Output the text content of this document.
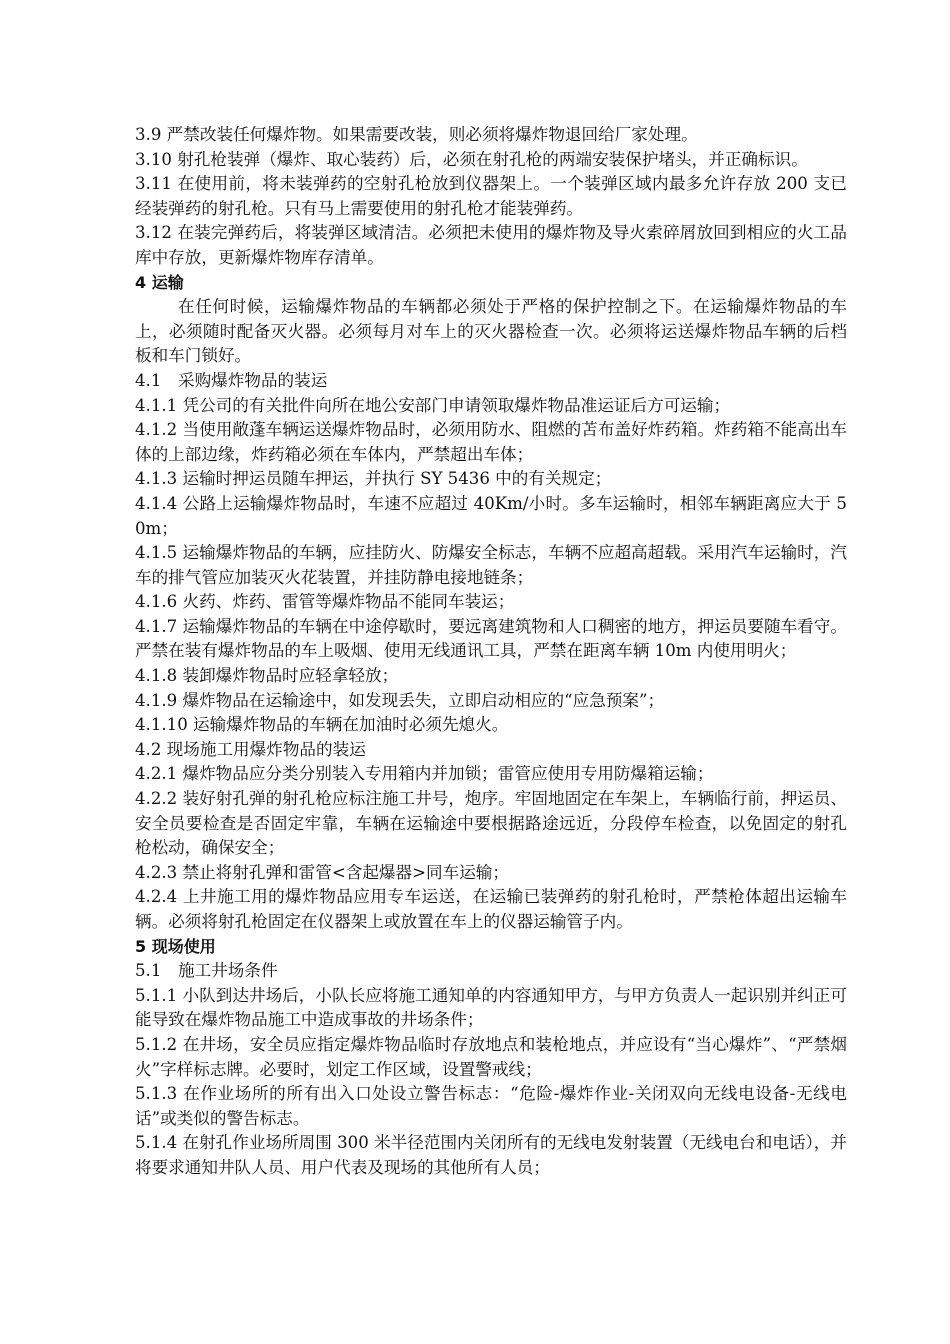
3.9 严禁改装任何爆炸物。如果需要改装，则必须将爆炸物退回给厂家处理。

3.10 射孔枪装弹（爆炸、取心装药）后，必须在射孔枪的两端安装保护堵头，并正确标识。

3.11 在使用前，将未装弹药的空射孔枪放到仪器架上。一个装弹区域内最多允许存放 200 支已经装弹药的射孔枪。只有马上需要使用的射孔枪才能装弹药。

3.12 在装完弹药后，将装弹区域清洁。必须把未使用的爆炸物及导火索碎屑放回到相应的火工品库中存放，更新爆炸物库存清单。

4 运输

在任何时候，运输爆炸物品的车辆都必须处于严格的保护控制之下。在运输爆炸物品的车上，必须随时配备灭火器。必须每月对车上的灭火器检查一次。必须将运送爆炸物品车辆的后档板和车门锁好。

4.1　采购爆炸物品的装运

4.1.1 凭公司的有关批件向所在地公安部门申请领取爆炸物品准运证后方可运输；

4.1.2 当使用敞蓬车辆运送爆炸物品时，必须用防水、阻燃的苫布盖好炸药箱。炸药箱不能高出车体的上部边缘，炸药箱必须在车体内，严禁超出车体；

4.1.3 运输时押运员随车押运，并执行 SY 5436 中的有关规定；

4.1.4 公路上运输爆炸物品时，车速不应超过 40Km/小时。多车运输时，相邻车辆距离应大于 50m；

4.1.5 运输爆炸物品的车辆，应挂防火、防爆安全标志，车辆不应超高超载。采用汽车运输时，汽车的排气管应加装灭火花装置，并挂防静电接地链条；

4.1.6 火药、炸药、雷管等爆炸物品不能同车装运；

4.1.7 运输爆炸物品的车辆在中途停歇时，要远离建筑物和人口稠密的地方，押运员要随车看守。严禁在装有爆炸物品的车上吸烟、使用无线通讯工具，严禁在距离车辆 10m 内使用明火；

4.1.8 装卸爆炸物品时应轻拿轻放；

4.1.9 爆炸物品在运输途中，如发现丢失，立即启动相应的“应急预案”；

4.1.10 运输爆炸物品的车辆在加油时必须先熄火。

4.2 现场施工用爆炸物品的装运

4.2.1 爆炸物品应分类分别装入专用箱内并加锁；雷管应使用专用防爆箱运输；

4.2.2 装好射孔弹的射孔枪应标注施工井号，炮序。牢固地固定在车架上，车辆临行前，押运员、安全员要检查是否固定牢靠，车辆在运输途中要根据路途远近，分段停车检查，以免固定的射孔枪松动，确保安全；

4.2.3 禁止将射孔弹和雷管<含起爆器>同车运输；

4.2.4 上井施工用的爆炸物品应用专车运送，在运输已装弹药的射孔枪时，严禁枪体超出运输车辆。必须将射孔枪固定在仪器架上或放置在车上的仪器运输管子内。

5 现场使用

5.1　施工井场条件

5.1.1 小队到达井场后，小队长应将施工通知单的内容通知甲方，与甲方负责人一起识别并纠正可能导致在爆炸物品施工中造成事故的井场条件；

5.1.2 在井场，安全员应指定爆炸物品临时存放地点和装枪地点，并应设有“当心爆炸”、“严禁烟火”字样标志牌。必要时，划定工作区域，设置警戒线；

5.1.3 在作业场所的所有出入口处设立警告标志：“危险-爆炸作业-关闭双向无线电设备-无线电话”或类似的警告标志。

5.1.4 在射孔作业场所周围 300 米半径范围内关闭所有的无线电发射装置（无线电台和电话），并将要求通知井队人员、用户代表及现场的其他所有人员；
